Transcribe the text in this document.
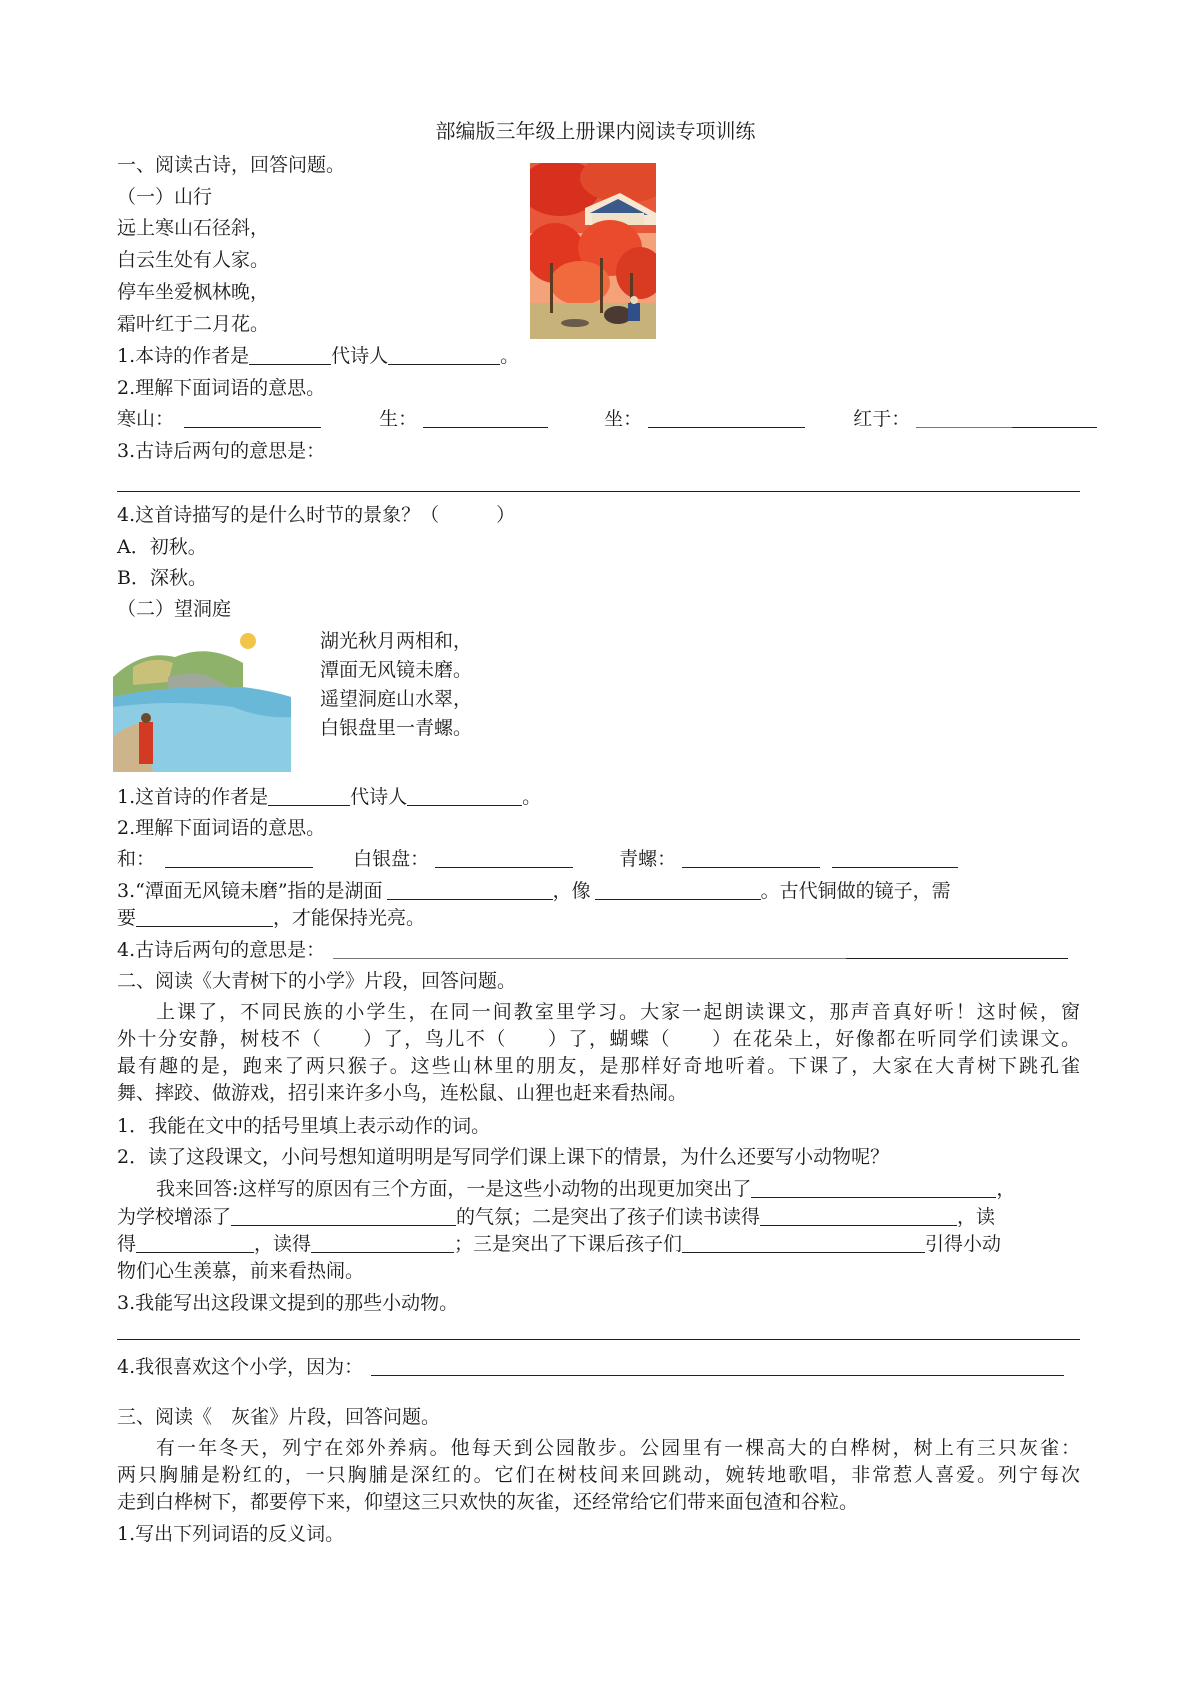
部编版三年级上册课内阅读专项训练
一、阅读古诗，回答问题。
（一）山行
远上寒山石径斜，
白云生处有人家。
停车坐爱枫林晚，
霜叶红于二月花。
1.本诗的作者是	代诗人	。
2.理解下面词语的意思。
寒山：	生：	坐：	红于：
3.古诗后两句的意思是：
4.这首诗描写的是什么时节的景象？（　　　）
A．初秋。
B．深秋。
（二）望洞庭
湖光秋月两相和，
潭面无风镜未磨。
遥望洞庭山水翠，
白银盘里一青螺。
1.这首诗的作者是	代诗人	。
2.理解下面词语的意思。
和：	白银盘：	青螺：
3.“潭面无风镜未磨”指的是湖面	，像	。古代铜做的镜子，需
要	，才能保持光亮。
4.古诗后两句的意思是：
二、阅读《大青树下的小学》片段，回答问题。
上课了，不同民族的小学生，在同一间教室里学习。大家一起朗读课文，那声音真好听！这时候，窗
外十分安静，树枝不（　　）了，鸟儿不（　　）了，蝴蝶（　　）在花朵上，好像都在听同学们读课文。
最有趣的是，跑来了两只猴子。这些山林里的朋友，是那样好奇地听着。下课了，大家在大青树下跳孔雀
舞、摔跤、做游戏，招引来许多小鸟，连松鼠、山狸也赶来看热闹。
1．我能在文中的括号里填上表示动作的词。
2．读了这段课文，小问号想知道明明是写同学们课上课下的情景，为什么还要写小动物呢？
我来回答:这样写的原因有三个方面，一是这些小动物的出现更加突出了	，
为学校增添了	的气氛；二是突出了孩子们读书读得	，读
得	，读得	；三是突出了下课后孩子们	引得小动
物们心生羡慕，前来看热闹。
3.我能写出这段课文提到的那些小动物。
4.我很喜欢这个小学，因为：
三、阅读《　灰雀》片段，回答问题。
有一年冬天，列宁在郊外养病。他每天到公园散步。公园里有一棵高大的白桦树，树上有三只灰雀：
两只胸脯是粉红的，一只胸脯是深红的。它们在树枝间来回跳动，婉转地歌唱，非常惹人喜爱。列宁每次
走到白桦树下，都要停下来，仰望这三只欢快的灰雀，还经常给它们带来面包渣和谷粒。
1.写出下列词语的反义词。
